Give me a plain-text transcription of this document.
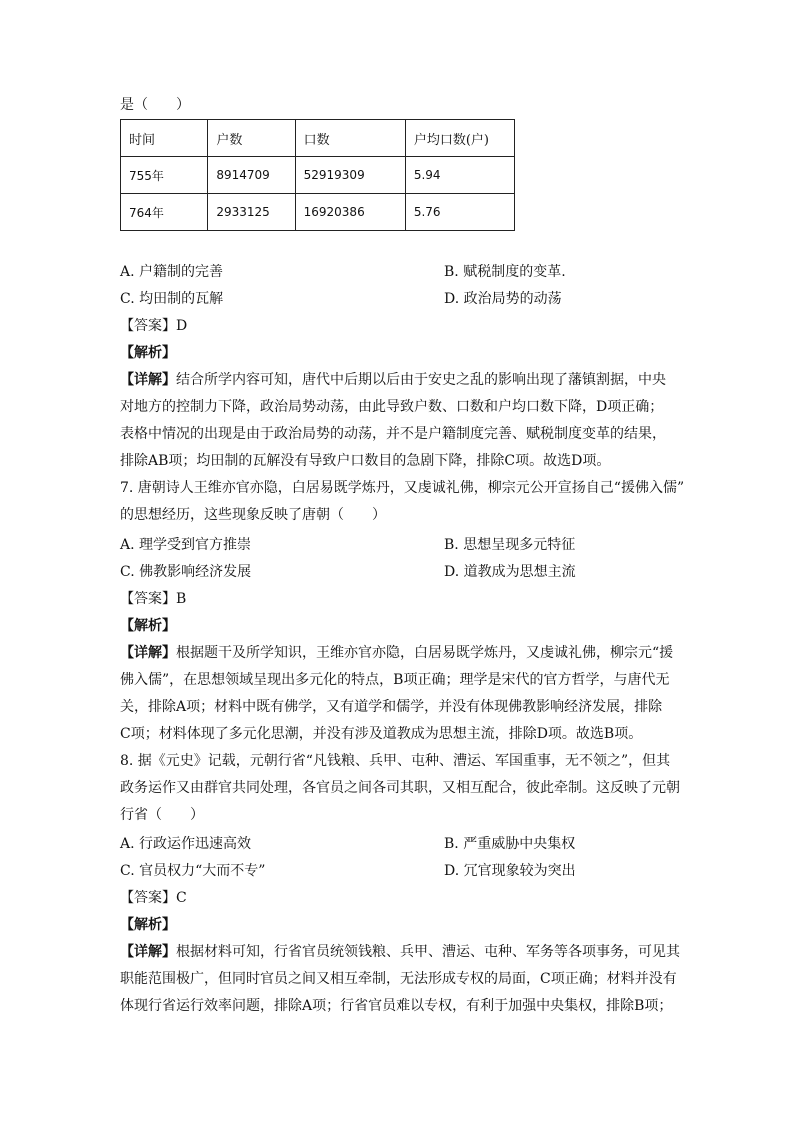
是（　　）
时间	户数	口数	户均口数(户)
755年	8914709	52919309	5.94
764年	2933125	16920386	5.76
A. 户籍制的完善	B. 赋税制度的变革.
C. 均田制的瓦解	D. 政治局势的动荡
【答案】D
【解析】
【详解】结合所学内容可知，唐代中后期以后由于安史之乱的影响出现了藩镇割据，中央
对地方的控制力下降，政治局势动荡，由此导致户数、口数和户均口数下降，D项正确；
表格中情况的出现是由于政治局势的动荡，并不是户籍制度完善、赋税制度变革的结果，
排除AB项；均田制的瓦解没有导致户口数目的急剧下降，排除C项。故选D项。
7. 唐朝诗人王维亦官亦隐，白居易既学炼丹，又虔诚礼佛，柳宗元公开宣扬自己“援佛入儒”
的思想经历，这些现象反映了唐朝（　　）
A. 理学受到官方推崇	B. 思想呈现多元特征
C. 佛教影响经济发展	D. 道教成为思想主流
【答案】B
【解析】
【详解】根据题干及所学知识，王维亦官亦隐，白居易既学炼丹，又虔诚礼佛，柳宗元“援
佛入儒”，在思想领域呈现出多元化的特点，B项正确；理学是宋代的官方哲学，与唐代无
关，排除A项；材料中既有佛学，又有道学和儒学，并没有体现佛教影响经济发展，排除
C项；材料体现了多元化思潮，并没有涉及道教成为思想主流，排除D项。故选B项。
8. 据《元史》记载，元朝行省“凡钱粮、兵甲、屯种、漕运、军国重事，无不领之”，但其
政务运作又由群官共同处理，各官员之间各司其职，又相互配合，彼此牵制。这反映了元朝
行省（　　）
A. 行政运作迅速高效	B. 严重威胁中央集权
C. 官员权力“大而不专”	D. 冗官现象较为突出
【答案】C
【解析】
【详解】根据材料可知，行省官员统领钱粮、兵甲、漕运、屯种、军务等各项事务，可见其
职能范围极广，但同时官员之间又相互牵制，无法形成专权的局面，C项正确；材料并没有
体现行省运行效率问题，排除A项；行省官员难以专权，有利于加强中央集权，排除B项；
